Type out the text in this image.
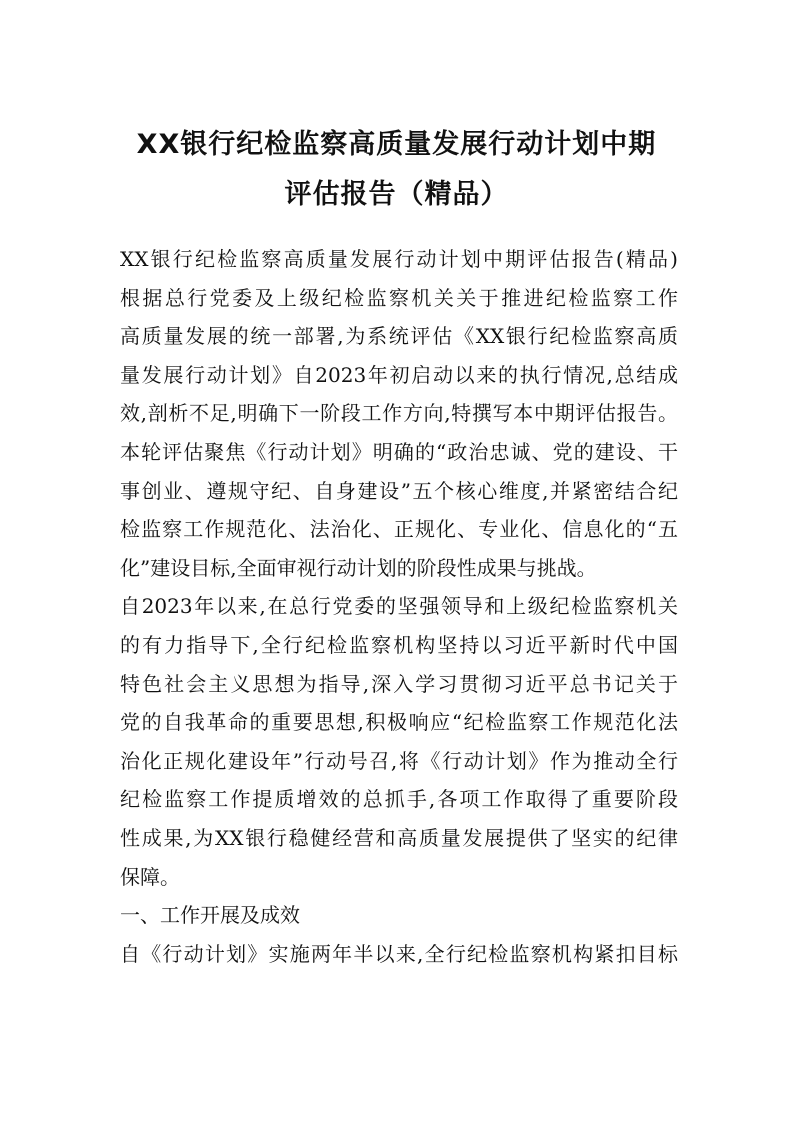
XX银行纪检监察高质量发展行动计划中期
评估报告（精品）
XX银行纪检监察高质量发展行动计划中期评估报告(精品)
根据总行党委及上级纪检监察机关关于推进纪检监察工作
高质量发展的统一部署,为系统评估《XX银行纪检监察高质
量发展行动计划》自2023年初启动以来的执行情况,总结成
效,剖析不足,明确下一阶段工作方向,特撰写本中期评估报告。
本轮评估聚焦《行动计划》明确的“政治忠诚、党的建设、干
事创业、遵规守纪、自身建设”五个核心维度,并紧密结合纪
检监察工作规范化、法治化、正规化、专业化、信息化的“五
化”建设目标,全面审视行动计划的阶段性成果与挑战。
自2023年以来,在总行党委的坚强领导和上级纪检监察机关
的有力指导下,全行纪检监察机构坚持以习近平新时代中国
特色社会主义思想为指导,深入学习贯彻习近平总书记关于
党的自我革命的重要思想,积极响应“纪检监察工作规范化法
治化正规化建设年”行动号召,将《行动计划》作为推动全行
纪检监察工作提质增效的总抓手,各项工作取得了重要阶段
性成果,为XX银行稳健经营和高质量发展提供了坚实的纪律
保障。
一、工作开展及成效
自《行动计划》实施两年半以来,全行纪检监察机构紧扣目标
